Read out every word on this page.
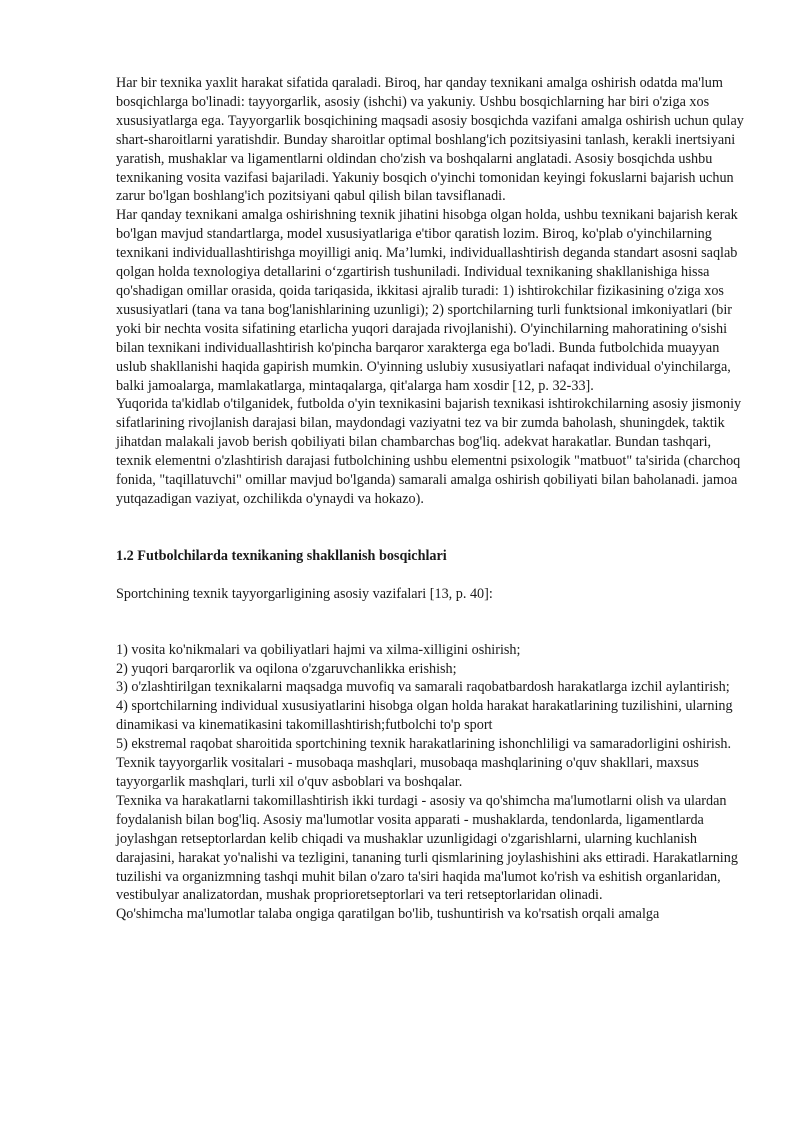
Har bir texnika yaxlit harakat sifatida qaraladi. Biroq, har qanday texnikani amalga oshirish odatda ma'lum bosqichlarga bo'linadi: tayyorgarlik, asosiy (ishchi) va yakuniy. Ushbu bosqichlarning har biri o'ziga xos xususiyatlarga ega. Tayyorgarlik bosqichining maqsadi asosiy bosqichda vazifani amalga oshirish uchun qulay shart-sharoitlarni yaratishdir. Bunday sharoitlar optimal boshlang'ich pozitsiyasini tanlash, kerakli inertsiyani yaratish, mushaklar va ligamentlarni oldindan cho'zish va boshqalarni anglatadi. Asosiy bosqichda ushbu texnikaning vosita vazifasi bajariladi. Yakuniy bosqich o'yinchi tomonidan keyingi fokuslarni bajarish uchun zarur bo'lgan boshlang'ich pozitsiyani qabul qilish bilan tavsiflanadi.

Har qanday texnikani amalga oshirishning texnik jihatini hisobga olgan holda, ushbu texnikani bajarish kerak bo'lgan mavjud standartlarga, model xususiyatlariga e'tibor qaratish lozim. Biroq, ko'plab o'yinchilarning texnikani individuallashtirishga moyilligi aniq. Ma’lumki, individuallashtirish deganda standart asosni saqlab qolgan holda texnologiya detallarini o‘zgartirish tushuniladi. Individual texnikaning shakllanishiga hissa qo'shadigan omillar orasida, qoida tariqasida, ikkitasi ajralib turadi: 1) ishtirokchilar fizikasining o'ziga xos xususiyatlari (tana va tana bog'lanishlarining uzunligi); 2) sportchilarning turli funktsional imkoniyatlari (bir yoki bir nechta vosita sifatining etarlicha yuqori darajada rivojlanishi). O'yinchilarning mahoratining o'sishi bilan texnikani individuallashtirish ko'pincha barqaror xarakterga ega bo'ladi. Bunda futbolchida muayyan uslub shakllanishi haqida gapirish mumkin. O'yinning uslubiy xususiyatlari nafaqat individual o'yinchilarga, balki jamoalarga, mamlakatlarga, mintaqalarga, qit'alarga ham xosdir [12, p. 32-33].

Yuqorida ta'kidlab o'tilganidek, futbolda o'yin texnikasini bajarish texnikasi ishtirokchilarning asosiy jismoniy sifatlarining rivojlanish darajasi bilan, maydondagi vaziyatni tez va bir zumda baholash, shuningdek, taktik jihatdan malakali javob berish qobiliyati bilan chambarchas bog'liq. adekvat harakatlar. Bundan tashqari, texnik elementni o'zlashtirish darajasi futbolchining ushbu elementni psixologik "matbuot" ta'sirida (charchoq fonida, "taqillatuvchi" omillar mavjud bo'lganda) samarali amalga oshirish qobiliyati bilan baholanadi. jamoa yutqazadigan vaziyat, ozchilikda o'ynaydi va hokazo).

1.2 Futbolchilarda texnikaning shakllanish bosqichlari

Sportchining texnik tayyorgarligining asosiy vazifalari [13, p. 40]:

1) vosita ko'nikmalari va qobiliyatlari hajmi va xilma-xilligini oshirish;

2) yuqori barqarorlik va oqilona o'zgaruvchanlikka erishish;

3) o'zlashtirilgan texnikalarni maqsadga muvofiq va samarali raqobatbardosh harakatlarga izchil aylantirish;

4) sportchilarning individual xususiyatlarini hisobga olgan holda harakat harakatlarining tuzilishini, ularning dinamikasi va kinematikasini takomillashtirish;futbolchi to'p sport

5) ekstremal raqobat sharoitida sportchining texnik harakatlarining ishonchliligi va samaradorligini oshirish.

Texnik tayyorgarlik vositalari - musobaqa mashqlari, musobaqa mashqlarining o'quv shakllari, maxsus tayyorgarlik mashqlari, turli xil o'quv asboblari va boshqalar.

Texnika va harakatlarni takomillashtirish ikki turdagi - asosiy va qo'shimcha ma'lumotlarni olish va ulardan foydalanish bilan bog'liq. Asosiy ma'lumotlar vosita apparati - mushaklarda, tendonlarda, ligamentlarda joylashgan retseptorlardan kelib chiqadi va mushaklar uzunligidagi o'zgarishlarni, ularning kuchlanish darajasini, harakat yo'nalishi va tezligini, tananing turli qismlarining joylashishini aks ettiradi. Harakatlarning tuzilishi va organizmning tashqi muhit bilan o'zaro ta'siri haqida ma'lumot ko'rish va eshitish organlaridan, vestibulyar analizatordan, mushak proprioretseptorlari va teri retseptorlaridan olinadi.

Qo'shimcha ma'lumotlar talaba ongiga qaratilgan bo'lib, tushuntirish va ko'rsatish orqali amalga
